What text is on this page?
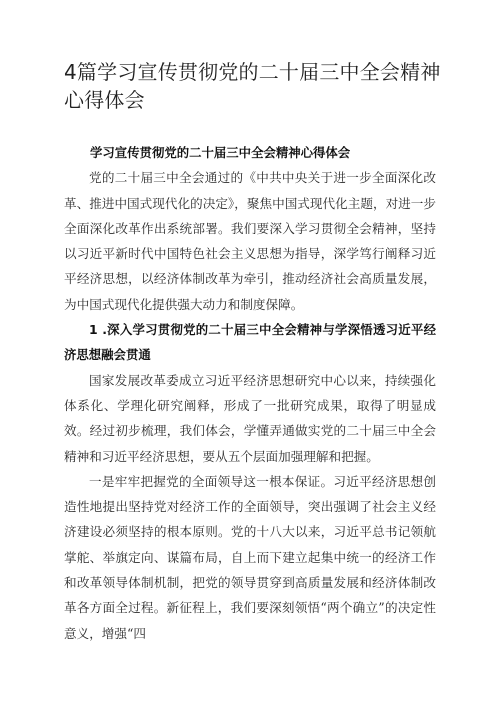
4篇学习宣传贯彻党的二十届三中全会精神心得体会

学习宣传贯彻党的二十届三中全会精神心得体会

党的二十届三中全会通过的《中共中央关于进一步全面深化改革、推进中国式现代化的决定》，聚焦中国式现代化主题，对进一步全面深化改革作出系统部署。我们要深入学习贯彻全会精神，坚持以习近平新时代中国特色社会主义思想为指导，深学笃行阐释习近平经济思想，以经济体制改革为牵引，推动经济社会高质量发展，为中国式现代化提供强大动力和制度保障。

1 .深入学习贯彻党的二十届三中全会精神与学深悟透习近平经济思想融会贯通

国家发展改革委成立习近平经济思想研究中心以来，持续强化体系化、学理化研究阐释，形成了一批研究成果，取得了明显成效。经过初步梳理，我们体会，学懂弄通做实党的二十届三中全会精神和习近平经济思想，要从五个层面加强理解和把握。

一是牢牢把握党的全面领导这一根本保证。习近平经济思想创造性地提出坚持党对经济工作的全面领导，突出强调了社会主义经济建设必须坚持的根本原则。党的十八大以来，习近平总书记领航掌舵、举旗定向、谋篇布局，自上而下建立起集中统一的经济工作和改革领导体制机制，把党的领导贯穿到高质量发展和经济体制改革各方面全过程。新征程上，我们要深刻领悟“两个确立”的决定性意义，增强“四
